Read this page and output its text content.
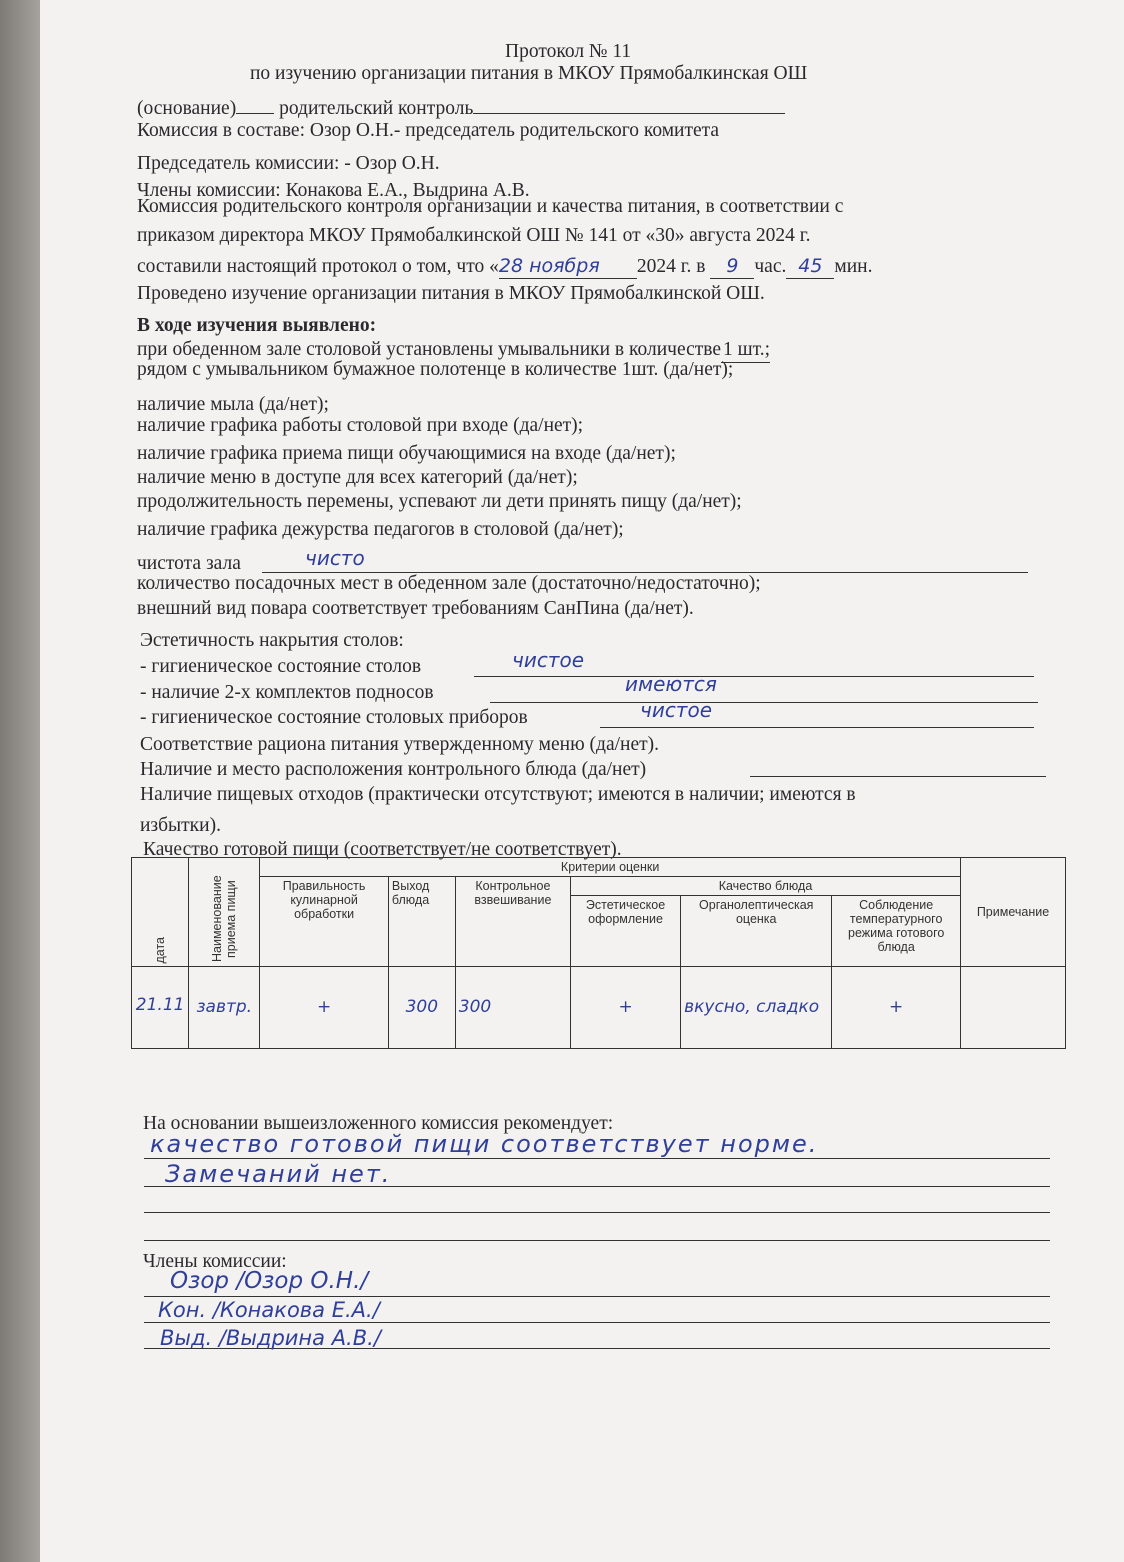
Протокол № 11
по изучению организации питания в МКОУ Прямобалкинская ОШ
(основание) родительский контроль
Комиссия в составе: Озор О.Н.- председатель родительского комитета
Председатель комиссии: - Озор О.Н.
Члены комиссии: Конакова Е.А., Выдрина А.В.
Комиссия родительского контроля организации и качества питания, в соответствии с
приказом директора МКОУ Прямобалкинской ОШ № 141 от «30» августа 2024 г.
составили настоящий протокол о том, что «28 ноября 2024 г. в 9 час. 45 мин.
Проведено изучение организации питания в МКОУ Прямобалкинской ОШ.
В ходе изучения выявлено:
при обеденном зале столовой установлены умывальники в количестве 1 шт.;
рядом с умывальником бумажное полотенце в количестве 1шт. (да/нет);
наличие мыла (да/нет);
наличие графика работы столовой при входе (да/нет);
наличие графика приема пищи обучающимися на входе (да/нет);
наличие меню в доступе для всех категорий (да/нет);
продолжительность перемены, успевают ли дети принять пищу (да/нет);
наличие графика дежурства педагогов в столовой (да/нет);
чистота зала	чисто
количество посадочных мест в обеденном зале (достаточно/недостаточно);
внешний вид повара соответствует требованиям СанПина (да/нет).
Эстетичность накрытия столов:
- гигиеническое состояние столов	чистое
- наличие 2-х комплектов подносов	имеются
- гигиеническое состояние столовых приборов	чистое
Соответствие рациона питания утвержденному меню (да/нет).
Наличие и место расположения контрольного блюда (да/нет)
Наличие пищевых отходов (практически отсутствуют; имеются в наличии; имеются в
избытки).
Качество готовой пищи (соответствует/не соответствует).
дата	Наименование приема пищи	Критерии оценки						Примечание
		Правильность кулинарной обработки	Выход блюда	Контрольное взвешивание	Качество блюда			
					Эстетическое оформление	Органолептическая оценка	Соблюдение температурного режима готового блюда	
21.11	завтр.	+	300	300	+	вкусно, сладко	+	
На основании вышеизложенного комиссия рекомендует:
качество готовой пищи соответствует норме.
Замечаний нет.
Члены комиссии:
Озор /Озор О.Н./
Кон. /Конакова Е.А./
Выд. /Выдрина А.В./
